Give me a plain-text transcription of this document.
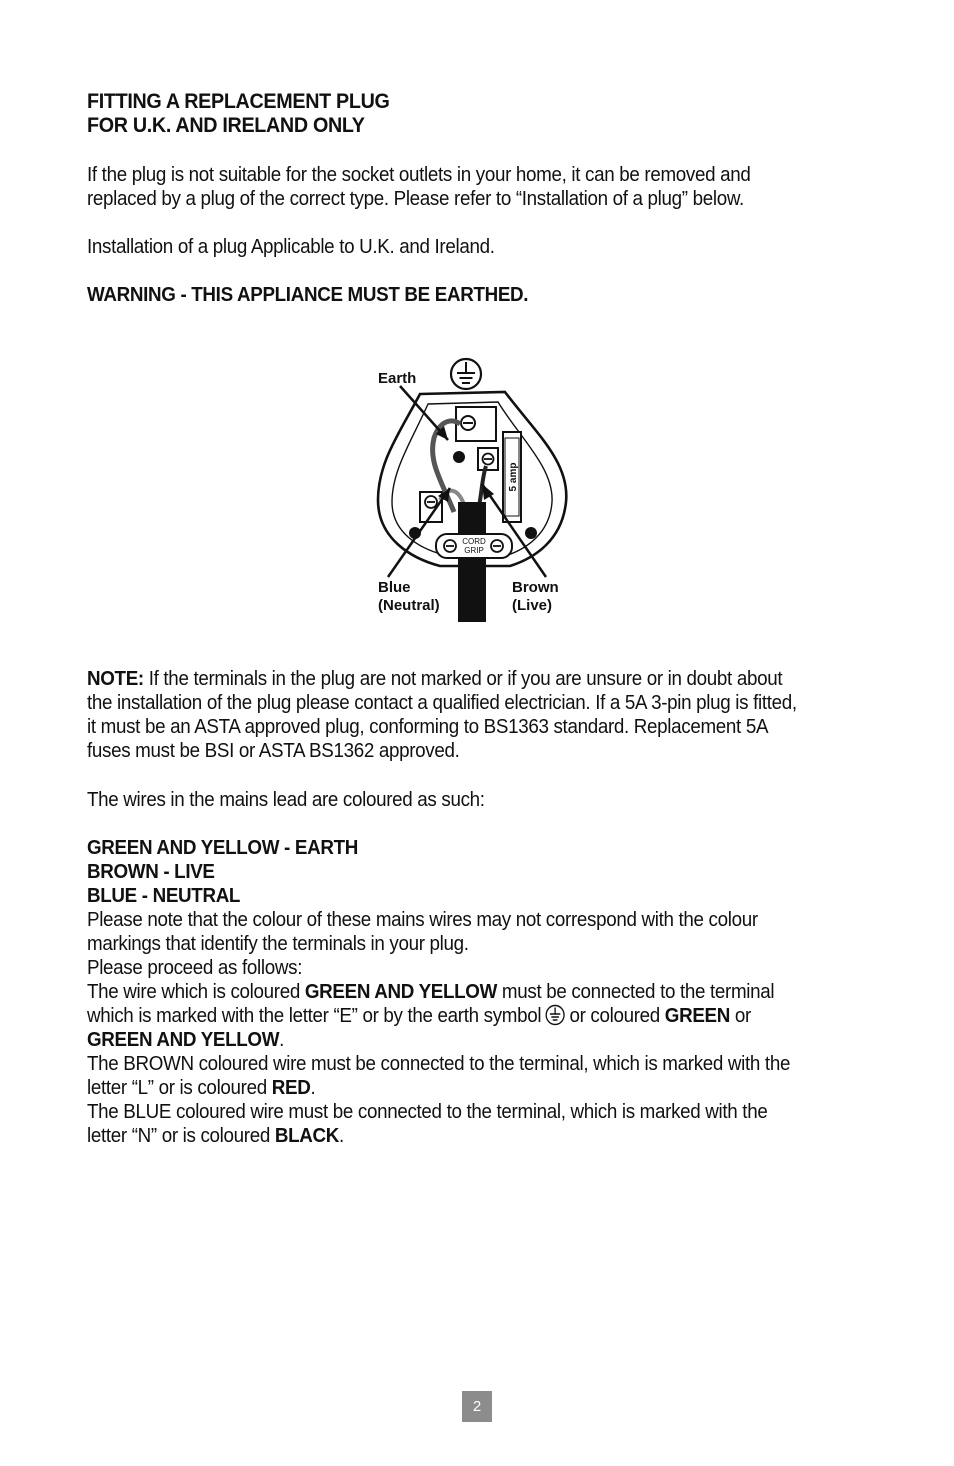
FITTING A REPLACEMENT PLUG
FOR U.K. AND IRELAND ONLY
If the plug is not suitable for the socket outlets in your home, it can be removed and
replaced by a plug of the correct type. Please refer to “Installation of a plug” below.
Installation of a plug Applicable to U.K. and Ireland.
WARNING - THIS APPLIANCE MUST BE EARTHED.
NOTE: If the terminals in the plug are not marked or if you are unsure or in doubt about
the installation of the plug please contact a qualified electrician. If a 5A 3-pin plug is fitted,
it must be an ASTA approved plug, conforming to BS1363 standard. Replacement 5A
fuses must be BSI or ASTA BS1362 approved.
The wires in the mains lead are coloured as such:
GREEN AND YELLOW - EARTH
BROWN - LIVE
BLUE - NEUTRAL
Please note that the colour of these mains wires may not correspond with the colour
markings that identify the terminals in your plug.
Please proceed as follows:
The wire which is coloured GREEN AND YELLOW must be connected to the terminal
which is marked with the letter “E” or by the earth symbol or coloured GREEN or
GREEN AND YELLOW.
The BROWN coloured wire must be connected to the terminal, which is marked with the
letter “L” or is coloured RED.
The BLUE coloured wire must be connected to the terminal, which is marked with the
letter “N” or is coloured BLACK.
5 amp
CORD
GRIP
Earth
Blue
(Neutral)
Brown
(Live)
2
